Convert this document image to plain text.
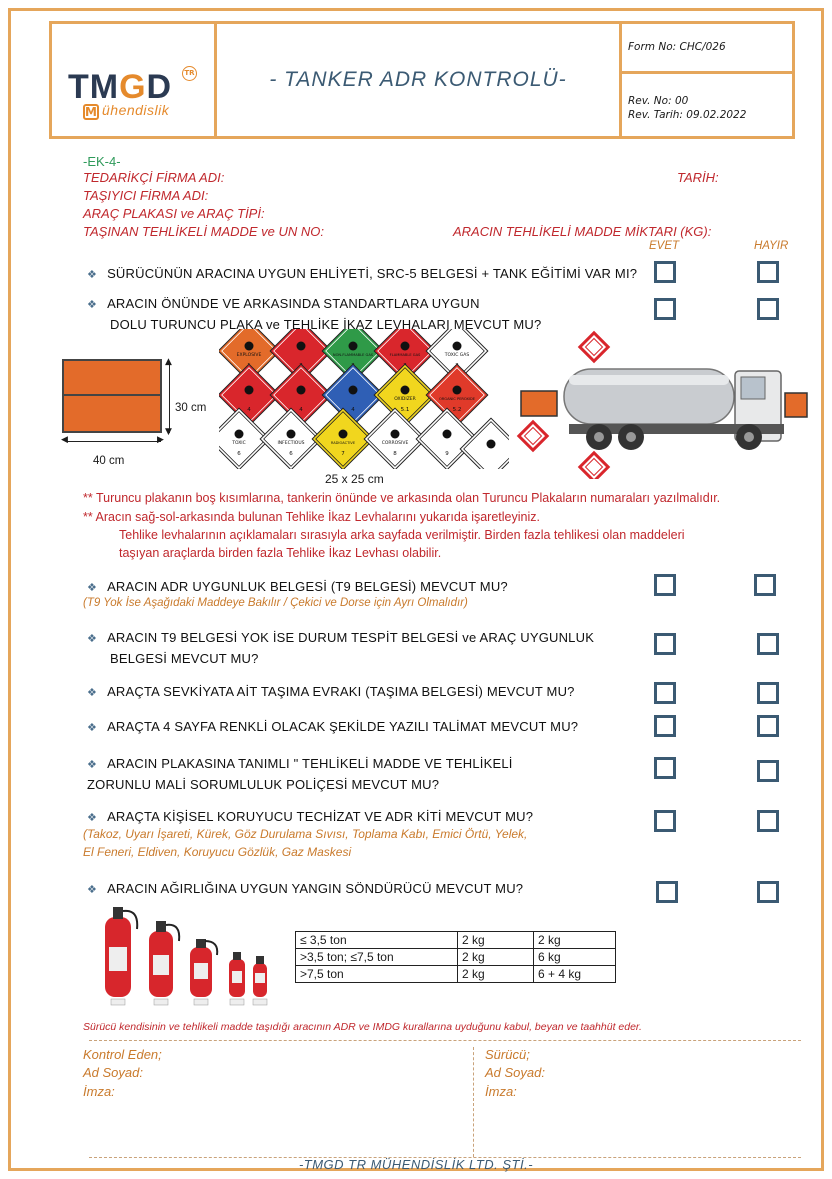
TMGD	TR
ühendislik
M
- TANKER ADR KONTROLÜ-
Form No: CHC/026
Rev. No: 00
Rev. Tarih: 09.02.2022
-EK-4-
TEDARİKÇİ FİRMA ADI:	TARİH:
TAŞIYICI FİRMA ADI:
ARAÇ PLAKASI ve ARAÇ TİPİ:
TAŞINAN TEHLİKELİ MADDE ve UN NO:	ARACIN TEHLİKELİ MADDE MİKTARI (KG):
EVET	HAYIR
❖ SÜRÜCÜNÜN ARACINA UYGUN EHLİYETİ, SRC-5 BELGESİ + TANK EĞİTİMİ VAR MI?
❖ ARACIN ÖNÜNDE VE ARKASINDA STANDARTLARA UYGUN
DOLU TURUNCU PLAKA ve TEHLİKE İKAZ LEVHALARI MEVCUT MU?
▲
▼
30 cm
◀	▶
40 cm
EXPLOSIVE	NON-FLAMMABLE GAS	FLAMMABLE GAS	TOXIC GAS
4	4	4
OXIDIZER
5.1
ORGANIC PEROXIDE
5.2
TOXIC
6
INFECTIOUS
6
RADIOACTIVE
7
CORROSIVE
8	9
25 x 25 cm
** Turuncu plakanın boş kısımlarına, tankerin önünde ve arkasında olan Turuncu Plakaların numaraları yazılmalıdır.
** Aracın sağ-sol-arkasında bulunan Tehlike İkaz Levhalarını yukarıda işaretleyiniz.
Tehlike levhalarının açıklamaları sırasıyla arka sayfada verilmiştir. Birden fazla tehlikesi olan maddeleri
taşıyan araçlarda birden fazla Tehlike İkaz Levhası olabilir.
❖ ARACIN ADR UYGUNLUK BELGESİ (T9 BELGESİ) MEVCUT MU?
(T9 Yok İse Aşağıdaki Maddeye Bakılır / Çekici ve Dorse için Ayrı Olmalıdır)
❖ ARACIN T9 BELGESİ YOK İSE DURUM TESPİT BELGESİ ve ARAÇ UYGUNLUK
BELGESİ MEVCUT MU?
❖ ARAÇTA SEVKİYATA AİT TAŞIMA EVRAKI (TAŞIMA BELGESİ) MEVCUT MU?
❖ ARAÇTA 4 SAYFA RENKLİ OLACAK ŞEKİLDE YAZILI TALİMAT MEVCUT MU?
❖ ARACIN PLAKASINA TANIMLI " TEHLİKELİ MADDE VE TEHLİKELİ
ZORUNLU MALİ SORUMLULUK POLİÇESİ MEVCUT MU?
❖ ARAÇTA KİŞİSEL KORUYUCU TECHİZAT VE ADR KİTİ MEVCUT MU?
(Takoz, Uyarı İşareti, Kürek, Göz Durulama Sıvısı, Toplama Kabı, Emici Örtü, Yelek,
El Feneri, Eldiven, Koruyucu Gözlük, Gaz Maskesi
❖ ARACIN AĞIRLIĞINA UYGUN YANGIN SÖNDÜRÜCÜ MEVCUT MU?
≤ 3,5 ton	2 kg	2 kg
>3,5 ton; ≤7,5 ton	2 kg	6 kg
>7,5 ton	2 kg	6 + 4 kg
Sürücü kendisinin ve tehlikeli madde taşıdığı aracının ADR ve IMDG kurallarına uyduğunu kabul, beyan ve taahhüt eder.
Kontrol Eden;
Ad Soyad:
İmza:
Sürücü;
Ad Soyad:
İmza:
-TMGD TR MÜHENDİSLİK LTD. ŞTİ.-
